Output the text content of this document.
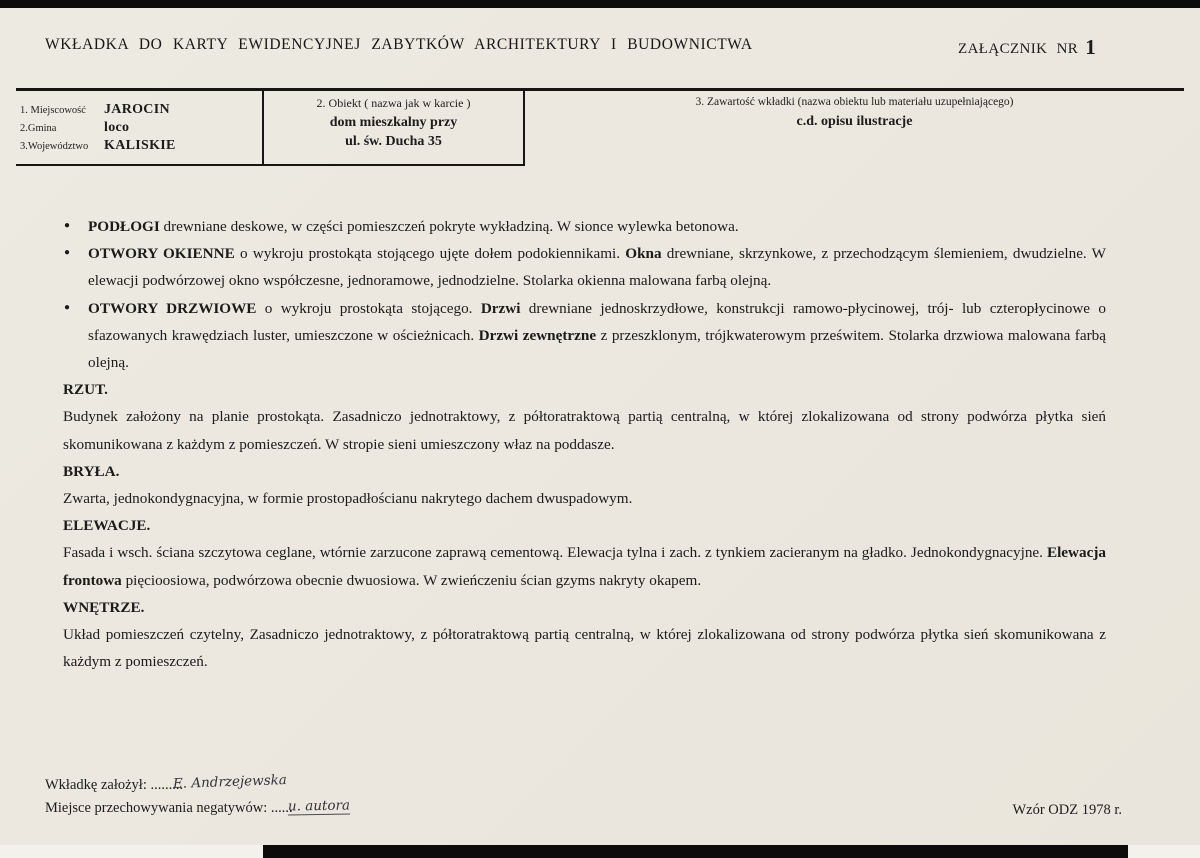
WKŁADKA DO KARTY EWIDENCYJNEJ ZABYTKÓW ARCHITEKTURY I BUDOWNICTWA	ZAŁĄCZNIK NR 1
1. Miejscowość	JAROCIN
2.Gmina	loco
3.Województwo	KALISKIE
2. Obiekt ( nazwa jak w karcie )
dom mieszkalny przy
ul. św. Ducha 35
3. Zawartość wkładki (nazwa obiektu lub materiału uzupełniającego)
c.d. opisu ilustracje
● PODŁOGI drewniane deskowe, w części pomieszczeń pokryte wykładziną. W sionce wylewka betonowa.
● OTWORY OKIENNE o wykroju prostokąta stojącego ujęte dołem podokiennikami. Okna drewniane, skrzynkowe, z przechodzącym ślemieniem, dwudzielne. W elewacji podwórzowej okno współczesne, jednoramowe, jednodzielne. Stolarka okienna malowana farbą olejną.
● OTWORY DRZWIOWE o wykroju prostokąta stojącego. Drzwi drewniane jednoskrzydłowe, konstrukcji ramowo-płycinowej, trój- lub czteropłycinowe o sfazowanych krawędziach luster, umieszczone w ościeżnicach. Drzwi zewnętrzne z przeszklonym, trójkwaterowym prześwitem. Stolarka drzwiowa malowana farbą olejną.
RZUT.
Budynek założony na planie prostokąta. Zasadniczo jednotraktowy, z półtoratraktową partią centralną, w której zlokalizowana od strony podwórza płytka sień skomunikowana z każdym z pomieszczeń. W stropie sieni umieszczony właz na poddasze.
BRYŁA.
Zwarta, jednokondygnacyjna, w formie prostopadłościanu nakrytego dachem dwuspadowym.
ELEWACJE.
Fasada i wsch. ściana szczytowa ceglane, wtórnie zarzucone zaprawą cementową. Elewacja tylna i zach. z tynkiem zacieranym na gładko. Jednokondygnacyjne. Elewacja frontowa pięcioosiowa, podwórzowa obecnie dwuosiowa. W zwieńczeniu ścian gzyms nakryty okapem.
WNĘTRZE.
Układ pomieszczeń czytelny, Zasadniczo jednotraktowy, z półtoratraktową partią centralną, w której zlokalizowana od strony podwórza płytka sień skomunikowana z każdym z pomieszczeń.
Wkładkę założył: ......... E. Andrzejewska
Miejsce przechowywania negatywów: ...... u. autora	Wzór ODZ 1978 r.
